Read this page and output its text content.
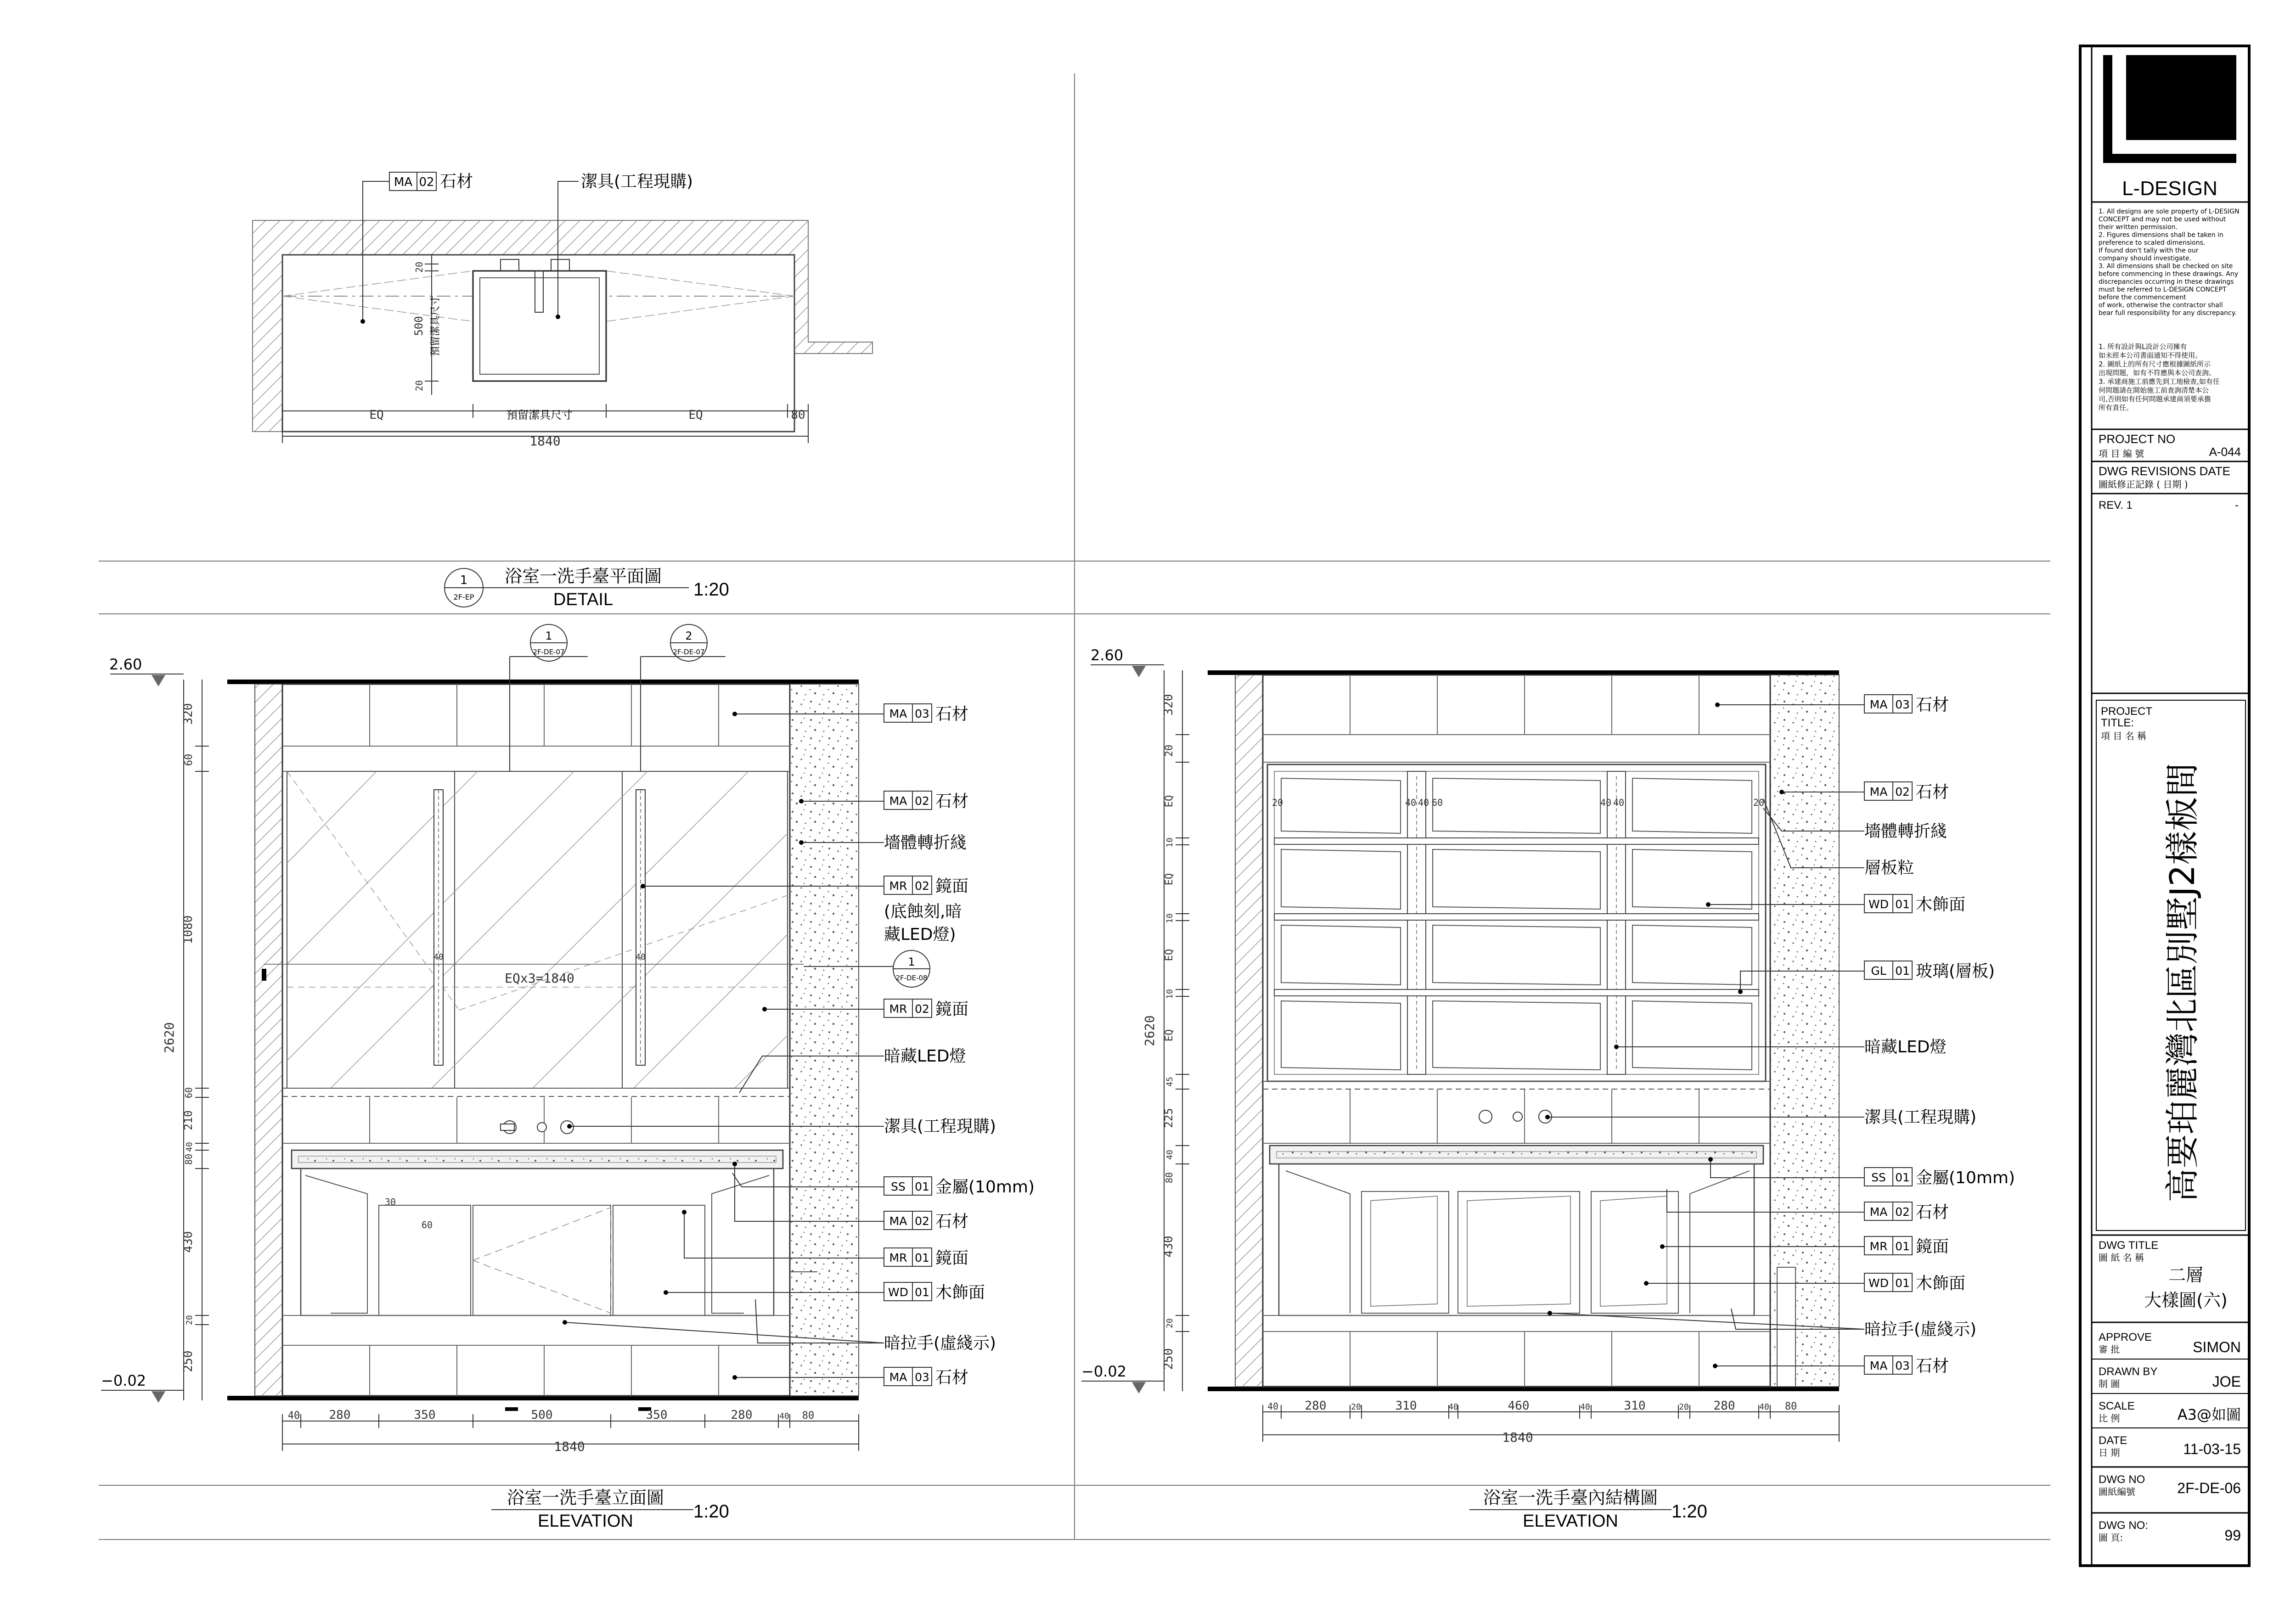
MA 02 石材	潔具(工程現購)
EQ	預留潔具尺寸	EQ	80
1840
20
500
20
預留潔具尺寸
1
2F-EP
浴室一洗手臺平面圖
DETAIL	1:20
2.60
−0.02
320
60
1080
60
210
40
80
430
20
250
2620
40 280	350	500	350	280	40 80
1840
EQx3=1840
40	40
60
30
1
2F-DE-07
2
2F-DE-07
1
2F-DE-08
MA 03 石材
MA 02 石材
墻體轉折綫
MR 02 鏡面
(底蝕刻,暗
藏LED燈)
MR 02 鏡面
暗藏LED燈
潔具(工程現購)
SS 01 金屬(10mm)
MA 02 石材
MR 01 鏡面
WD 01 木飾面
暗拉手(虛綫示)
MA 03 石材
浴室一洗手臺立面圖
ELEVATION	1:20
2.60
−0.02
320
20
EQ
10
EQ
10
EQ
10
EQ
45
225
40
80
430
20
250
2620
40 280	20	310	40	460	40	310	20 280	40 80
1840
20	40 40 60	40 40	20
MA 03 石材
MA 02 石材
墻體轉折綫
層板粒
WD 01 木飾面
GL 01 玻璃(層板)
暗藏LED燈
潔具(工程現購)
SS 01 金屬(10mm)
MA 02 石材
MR 01 鏡面
WD 01 木飾面
暗拉手(虛綫示)
MA 03 石材
浴室一洗手臺內結構圖
ELEVATION	1:20
L-DESIGN
1. All designs are sole property of L-DESIGN
CONCEPT and may not be used without
their written permission.
2. Figures dimensions shall be taken in
preference to scaled dimensions.
If found don't tally with the our
company should investigate.
3. All dimensions shall be checked on site
before commencing in these drawings. Any
discrepancies occurring in these drawings
must be referred to L-DESIGN CONCEPT
before the commencement
of work, otherwise the contractor shall
bear full responsibility for any discrepancy.
1. 所有設計與L設計公司擁有
如未經本公司書面通知不得使用。
2. 圖紙上的所有尺寸應根據圖紙所示
出現問題，如有不符應與本公司查詢。
3. 承建商施工前應先到工地檢查,如有任
何問題請在開始施工前查詢清楚本公
司,否則如有任何問題承建商須要承擔
所有責任。
PROJECT NO
項 目 編 號	A-044
DWG REVISIONS DATE
圖紙修正記錄 ( 日期 )
REV. 1	-
PROJECT
TITLE:
項 目 名 稱
高要珀麗灣北區別墅J2樣板間
DWG TITLE
圖 紙 名 稱
二層
大樣圖(六)
APPROVE
審 批	SIMON
DRAWN BY
制 圖	JOE
SCALE
比 例	A3@如圖
DATE
日 期	11-03-15
DWG NO
圖紙編號	2F-DE-06
DWG NO:
圖 頁:	99
